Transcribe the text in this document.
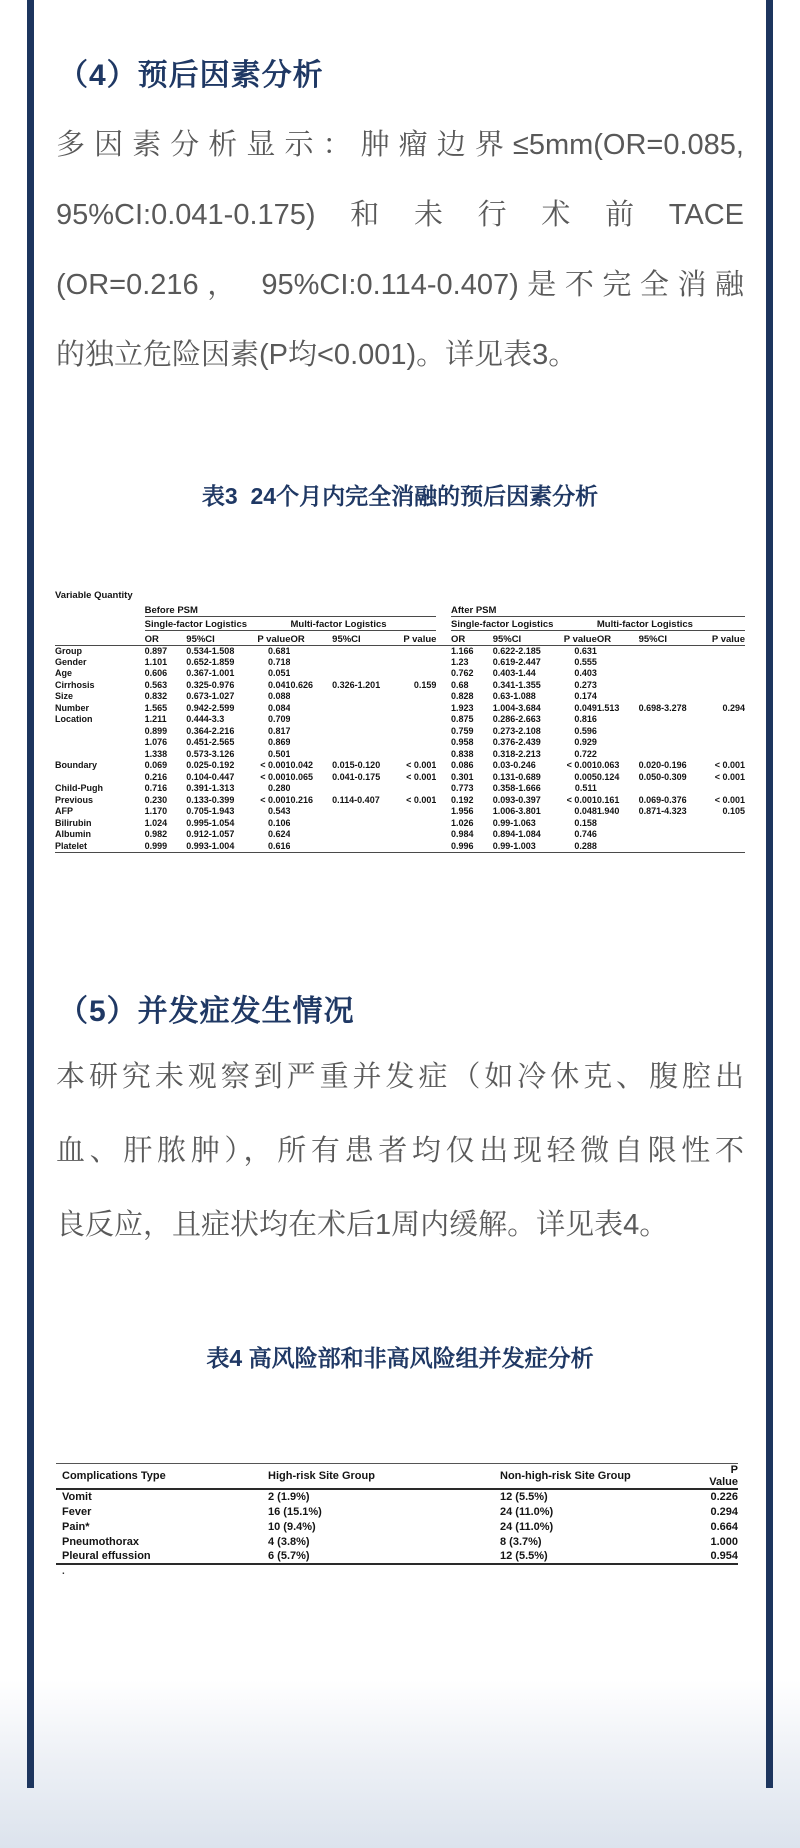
（4）预后因素分析
多因素分析显示：肿瘤边界≤5mm(OR=0.085,
95%CI:0.041-0.175)和未行术前TACE
(OR=0.216， 95%CI:0.114-0.407)是不完全消融
的独立危险因素(P均<0.001)。详见表3。
表3  24个月内完全消融的预后因素分析
Variable Quantity	Before PSM							After PSM					
	Single-factor Logistics			Multi-factor Logistics				Single-factor Logistics			Multi-factor Logistics		
	OR	95%CI	P value	OR	95%CI	P value		OR	95%CI	P value	OR	95%CI	P value
Group	0.897	0.534-1.508	0.681					1.166	0.622-2.185	0.631			
Gender	1.101	0.652-1.859	0.718					1.23	0.619-2.447	0.555			
Age	0.606	0.367-1.001	0.051					0.762	0.403-1.44	0.403			
Cirrhosis	0.563	0.325-0.976	0.041	0.626	0.326-1.201	0.159		0.68	0.341-1.355	0.273			
Size	0.832	0.673-1.027	0.088					0.828	0.63-1.088	0.174			
Number	1.565	0.942-2.599	0.084					1.923	1.004-3.684	0.049	1.513	0.698-3.278	0.294
Location	1.211	0.444-3.3	0.709					0.875	0.286-2.663	0.816			
	0.899	0.364-2.216	0.817					0.759	0.273-2.108	0.596			
	1.076	0.451-2.565	0.869					0.958	0.376-2.439	0.929			
	1.338	0.573-3.126	0.501					0.838	0.318-2.213	0.722			
Boundary	0.069	0.025-0.192	< 0.001	0.042	0.015-0.120	< 0.001		0.086	0.03-0.246	< 0.001	0.063	0.020-0.196	< 0.001
	0.216	0.104-0.447	< 0.001	0.065	0.041-0.175	< 0.001		0.301	0.131-0.689	0.005	0.124	0.050-0.309	< 0.001
Child-Pugh	0.716	0.391-1.313	0.280					0.773	0.358-1.666	0.511			
Previous	0.230	0.133-0.399	< 0.001	0.216	0.114-0.407	< 0.001		0.192	0.093-0.397	< 0.001	0.161	0.069-0.376	< 0.001
AFP	1.170	0.705-1.943	0.543					1.956	1.006-3.801	0.048	1.940	0.871-4.323	0.105
Bilirubin	1.024	0.995-1.054	0.106					1.026	0.99-1.063	0.158			
Albumin	0.982	0.912-1.057	0.624					0.984	0.894-1.084	0.746			
Platelet	0.999	0.993-1.004	0.616					0.996	0.99-1.003	0.288			
（5）并发症发生情况
本研究未观察到严重并发症（如冷休克、腹腔出
血、肝脓肿），所有患者均仅出现轻微自限性不
良反应，且症状均在术后1周内缓解。详见表4。
表4 高风险部和非高风险组并发症分析
Complications Type	High-risk Site Group	Non-high-risk Site Group	P Value
Vomit	2 (1.9%)	12 (5.5%)	0.226
Fever	16 (15.1%)	24 (11.0%)	0.294
Pain*	10 (9.4%)	24 (11.0%)	0.664
Pneumothorax	4 (3.8%)	8 (3.7%)	1.000
Pleural effussion	6 (5.7%)	12 (5.5%)	0.954
.
